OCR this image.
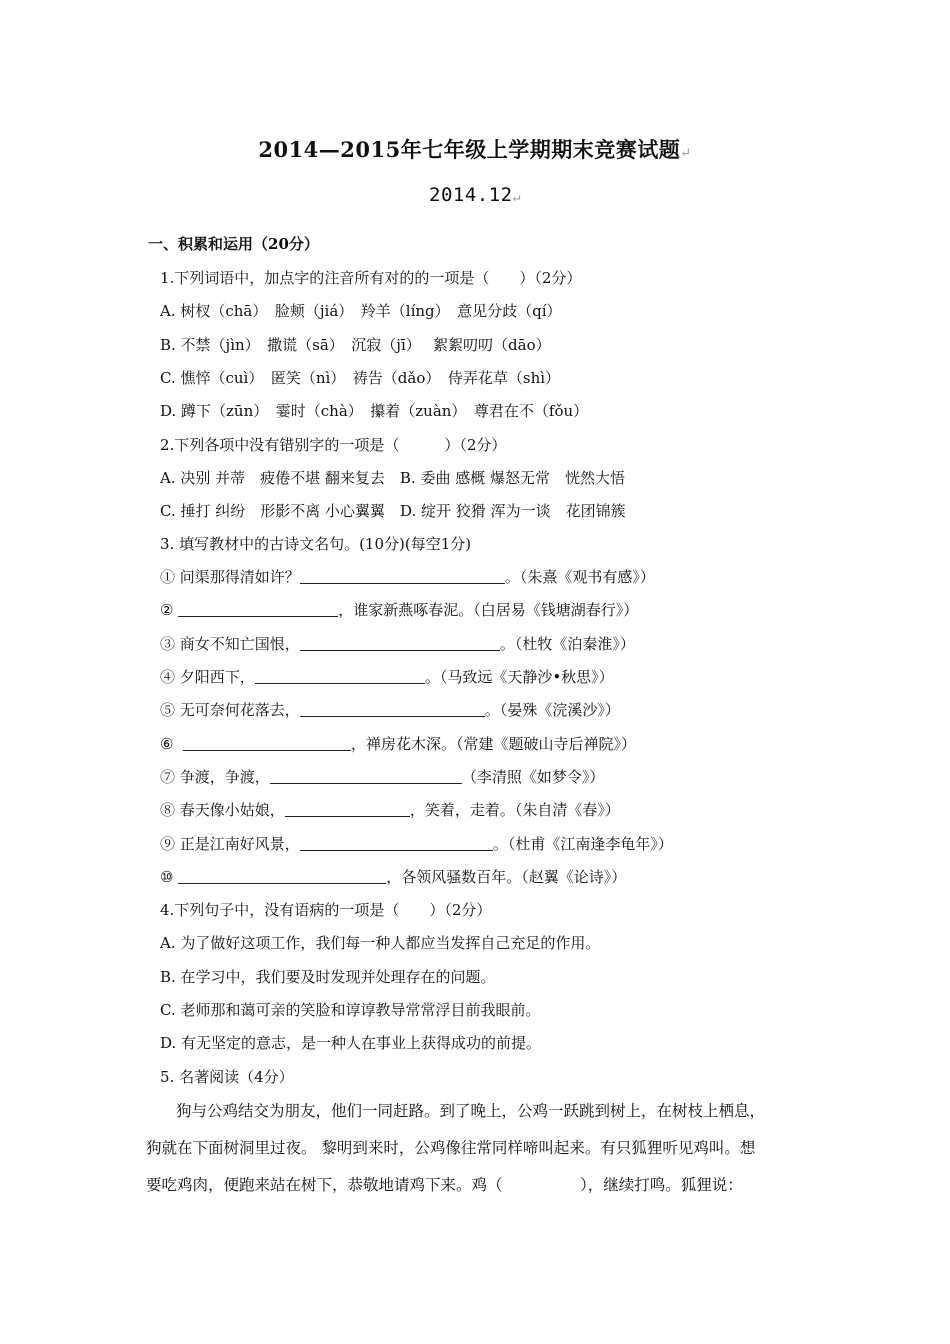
2014—2015年七年级上学期期末竞赛试题↵
2014.12↵
一、积累和运用（20分）
1.下列词语中，加点字的注音所有对的的一项是（　　）（2分）
A. 树杈（chā）　脸颊（jiá）　羚羊（líng）　意见分歧（qí）
B. 不禁（jìn）　撒谎（sā）　沉寂（jī）　 絮絮叨叨（dāo）
C. 憔悴（cuì）　匿笑（nì）　祷告（dǎo）　侍弄花草（shì）
D. 蹲下（zūn）　霎时（chà）　攥着（zuàn）　尊君在不（fǒu）
2.下列各项中没有错别字的一项是（　　　）（2分）
A. 决别 并蒂　疲倦不堪 翻来复去　B. 委曲 感概 爆怒无常　恍然大悟
C. 捶打 纠纷　形影不离 小心翼翼　D. 绽开 狡猾 浑为一谈　花团锦簇
3. 填写教材中的古诗文名句。(10分)(每空1分)
① 问渠那得清如许？	。（朱熹《观书有感》）
②	，谁家新燕啄春泥。（白居易《钱塘湖春行》）
③ 商女不知亡国恨，	。（杜牧《泊秦淮》）
④ 夕阳西下，	。（马致远《天静沙•秋思》）
⑤ 无可奈何花落去，	。（晏殊《浣溪沙》）
⑥	，禅房花木深。（常建《题破山寺后禅院》）
⑦ 争渡，争渡，	（李清照《如梦令》）
⑧ 春天像小姑娘，	，笑着，走着。（朱自清《春》）
⑨ 正是江南好风景，	。（杜甫《江南逢李龟年》）
⑩	，各领风骚数百年。（赵翼《论诗》）
4.下列句子中，没有语病的一项是（　　）（2分）
A. 为了做好这项工作，我们每一种人都应当发挥自己充足的作用。
B. 在学习中，我们要及时发现并处理存在的问题。
C. 老师那和蔼可亲的笑脸和谆谆教导常常浮目前我眼前。
D. 有无坚定的意志，是一种人在事业上获得成功的前提。
5. 名著阅读（4分）
狗与公鸡结交为朋友，他们一同赶路。到了晚上，公鸡一跃跳到树上，在树枝上栖息，
狗就在下面树洞里过夜。 黎明到来时，公鸡像往常同样啼叫起来。有只狐狸听见鸡叫。想
要吃鸡肉，便跑来站在树下，恭敬地请鸡下来。鸡（　　　　　），继续打鸣。狐狸说：
